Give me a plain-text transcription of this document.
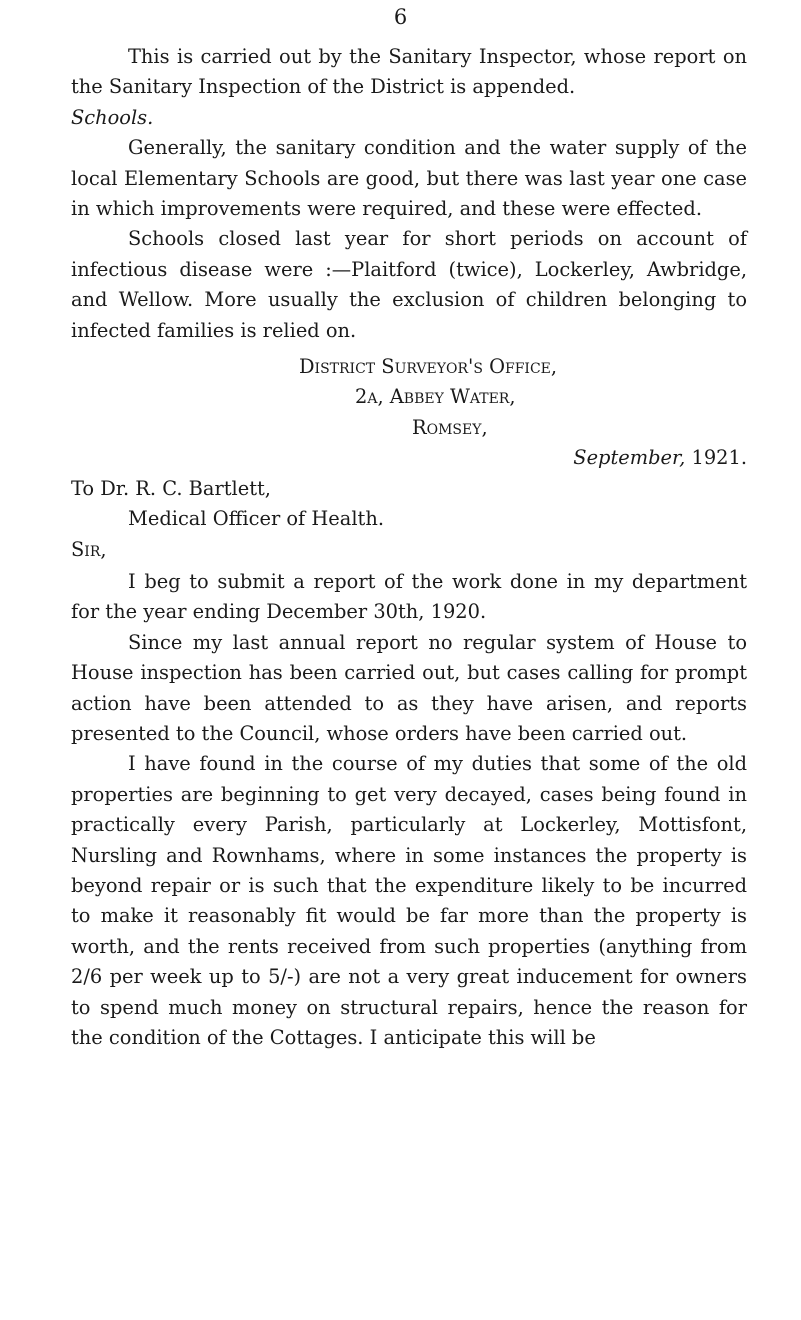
6

This is carried out by the Sanitary Inspector, whose report on the Sanitary Inspection of the District is appended.

Schools.

Generally, the sanitary condition and the water supply of the local Elementary Schools are good, but there was last year one case in which improvements were required, and these were effected.

Schools closed last year for short periods on account of infectious disease were :—Plaitford (twice), Lockerley, Awbridge, and Wellow. More usually the exclusion of children belonging to infected families is relied on.

District Surveyor's Office,

2a, Abbey Water,

Romsey,

September, 1921.

To Dr. R. C. Bartlett,

Medical Officer of Health.

Sir,

I beg to submit a report of the work done in my department for the year ending December 30th, 1920.

Since my last annual report no regular system of House to House inspection has been carried out, but cases calling for prompt action have been attended to as they have arisen, and reports presented to the Council, whose orders have been carried out.

I have found in the course of my duties that some of the old properties are beginning to get very decayed, cases being found in practically every Parish, particularly at Lockerley, Mottisfont, Nursling and Rownhams, where in some instances the property is beyond repair or is such that the expenditure likely to be incurred to make it reasonably fit would be far more than the property is worth, and the rents received from such properties (anything from 2/6 per week up to 5/-) are not a very great inducement for owners to spend much money on structural repairs, hence the reason for the condition of the Cottages. I anticipate this will be
